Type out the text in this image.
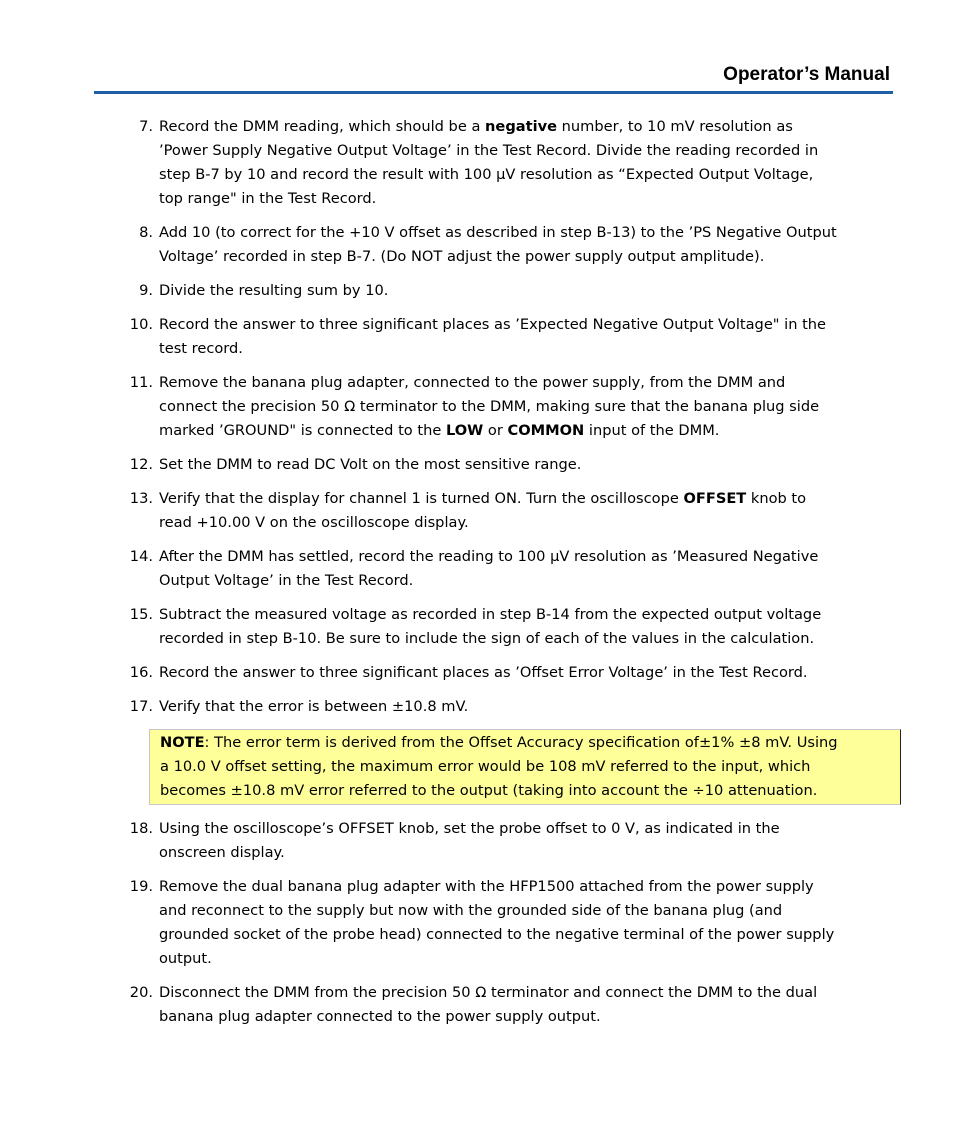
Operator’s Manual
7. Record the DMM reading, which should be a negative number, to 10 mV resolution as
’Power Supply Negative Output Voltage’ in the Test Record. Divide the reading recorded in
step B-7 by 10 and record the result with 100 µV resolution as “Expected Output Voltage,
top range" in the Test Record.
8. Add 10 (to correct for the +10 V offset as described in step B-13) to the ’PS Negative Output
Voltage’ recorded in step B-7. (Do NOT adjust the power supply output amplitude).
9. Divide the resulting sum by 10.
10. Record the answer to three significant places as ’Expected Negative Output Voltage" in the
test record.
11. Remove the banana plug adapter, connected to the power supply, from the DMM and
connect the precision 50 Ω terminator to the DMM, making sure that the banana plug side
marked ’GROUND" is connected to the LOW or COMMON input of the DMM.
12. Set the DMM to read DC Volt on the most sensitive range.
13. Verify that the display for channel 1 is turned ON. Turn the oscilloscope OFFSET knob to
read +10.00 V on the oscilloscope display.
14. After the DMM has settled, record the reading to 100 µV resolution as ’Measured Negative
Output Voltage’ in the Test Record.
15. Subtract the measured voltage as recorded in step B-14 from the expected output voltage
recorded in step B-10. Be sure to include the sign of each of the values in the calculation.
16. Record the answer to three significant places as ’Offset Error Voltage’ in the Test Record.
17. Verify that the error is between ±10.8 mV.
NOTE: The error term is derived from the Offset Accuracy specification of±1% ±8 mV. Using
a 10.0 V offset setting, the maximum error would be 108 mV referred to the input, which
becomes ±10.8 mV error referred to the output (taking into account the ÷10 attenuation.
18. Using the oscilloscope’s OFFSET knob, set the probe offset to 0 V, as indicated in the
onscreen display.
19. Remove the dual banana plug adapter with the HFP1500 attached from the power supply
and reconnect to the supply but now with the grounded side of the banana plug (and
grounded socket of the probe head) connected to the negative terminal of the power supply
output.
20. Disconnect the DMM from the precision 50 Ω terminator and connect the DMM to the dual
banana plug adapter connected to the power supply output.
